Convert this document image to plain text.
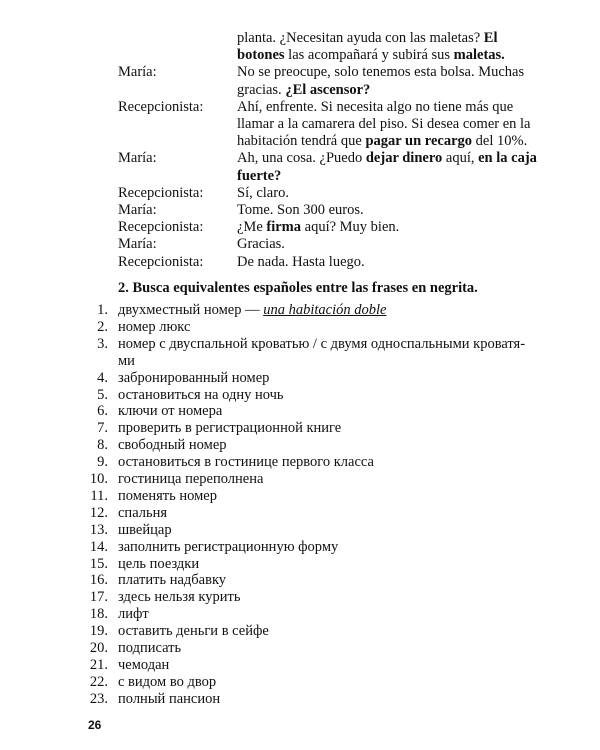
planta. ¿Necesitan ayuda con las maletas? El
botones las acompañará y subirá sus maletas.
María:	No se preocupe, solo tenemos esta bolsa. Muchas
gracias. ¿El ascensor?
Recepcionista: Ahí, enfrente. Si necesita algo no tiene más que
llamar a la camarera del piso. Si desea comer en la
habitación tendrá que pagar un recargo del 10%.
María:	Ah, una cosa. ¿Puedo dejar dinero aquí, en la caja
fuerte?
Recepcionista: Sí, claro.
María:	Tome. Son 300 euros.
Recepcionista: ¿Me firma aquí? Muy bien.
María:	Gracias.
Recepcionista: De nada. Hasta luego.
2. Busca equivalentes españoles entre las frases en negrita.
1. двухместный номер — una habitación doble
2. номер люкс
3. номер с двуспальной кроватью / с двумя односпальными кроватя-
ми
4. забронированный номер
5. остановиться на одну ночь
6. ключи от номера
7. проверить в регистрационной книге
8. свободный номер
9. остановиться в гостинице первого класса
10. гостиница переполнена
11. поменять номер
12. спальня
13. швейцар
14. заполнить регистрационную форму
15. цель поездки
16. платить надбавку
17. здесь нельзя курить
18. лифт
19. оставить деньги в сейфе
20. подписать
21. чемодан
22. с видом во двор
23. полный пансион
26
